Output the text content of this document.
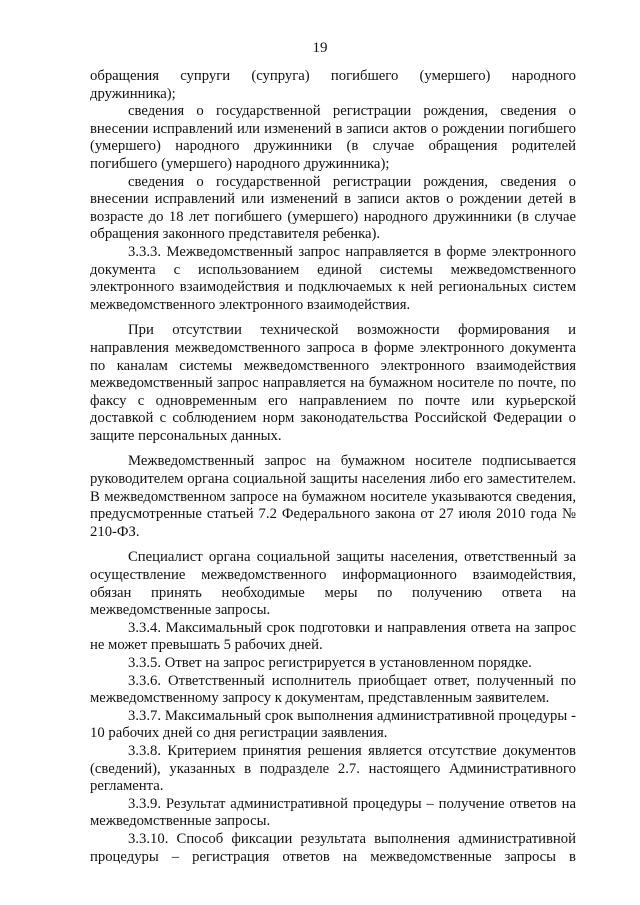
19

обращения супруги (супруга) погибшего (умершего) народного дружинника);

сведения о государственной регистрации рождения, сведения о внесении исправлений или изменений в записи актов о рождении погибшего (умершего) народного дружинники (в случае обращения родителей погибшего (умершего) народного дружинника);

сведения о государственной регистрации рождения, сведения о внесении исправлений или изменений в записи актов о рождении детей в возрасте до 18 лет погибшего (умершего) народного дружинники (в случае обращения законного представителя ребенка).

3.3.3. Межведомственный запрос направляется в форме электронного документа с использованием единой системы межведомственного электронного взаимодействия и подключаемых к ней региональных систем межведомственного электронного взаимодействия.

При отсутствии технической возможности формирования и направления межведомственного запроса в форме электронного документа по каналам системы межведомственного электронного взаимодействия межведомственный запрос направляется на бумажном носителе по почте, по факсу с одновременным его направлением по почте или курьерской доставкой с соблюдением норм законодательства Российской Федерации о защите персональных данных.

Межведомственный запрос на бумажном носителе подписывается руководителем органа социальной защиты населения либо его заместителем. В межведомственном запросе на бумажном носителе указываются сведения, предусмотренные статьей 7.2 Федерального закона от 27 июля 2010 года № 210-ФЗ.

Специалист органа социальной защиты населения, ответственный за осуществление межведомственного информационного взаимодействия, обязан принять необходимые меры по получению ответа на межведомственные запросы.

3.3.4. Максимальный срок подготовки и направления ответа на запрос не может превышать 5 рабочих дней.

3.3.5. Ответ на запрос регистрируется в установленном порядке.

3.3.6. Ответственный исполнитель приобщает ответ, полученный по межведомственному запросу к документам, представленным заявителем.

3.3.7. Максимальный срок выполнения административной процедуры - 10 рабочих дней со дня регистрации заявления.

3.3.8. Критерием принятия решения является отсутствие документов (сведений), указанных в подразделе 2.7. настоящего Административного регламента.

3.3.9. Результат административной процедуры – получение ответов на межведомственные запросы.

3.3.10. Способ фиксации результата выполнения административной процедуры – регистрация ответов на межведомственные запросы в
